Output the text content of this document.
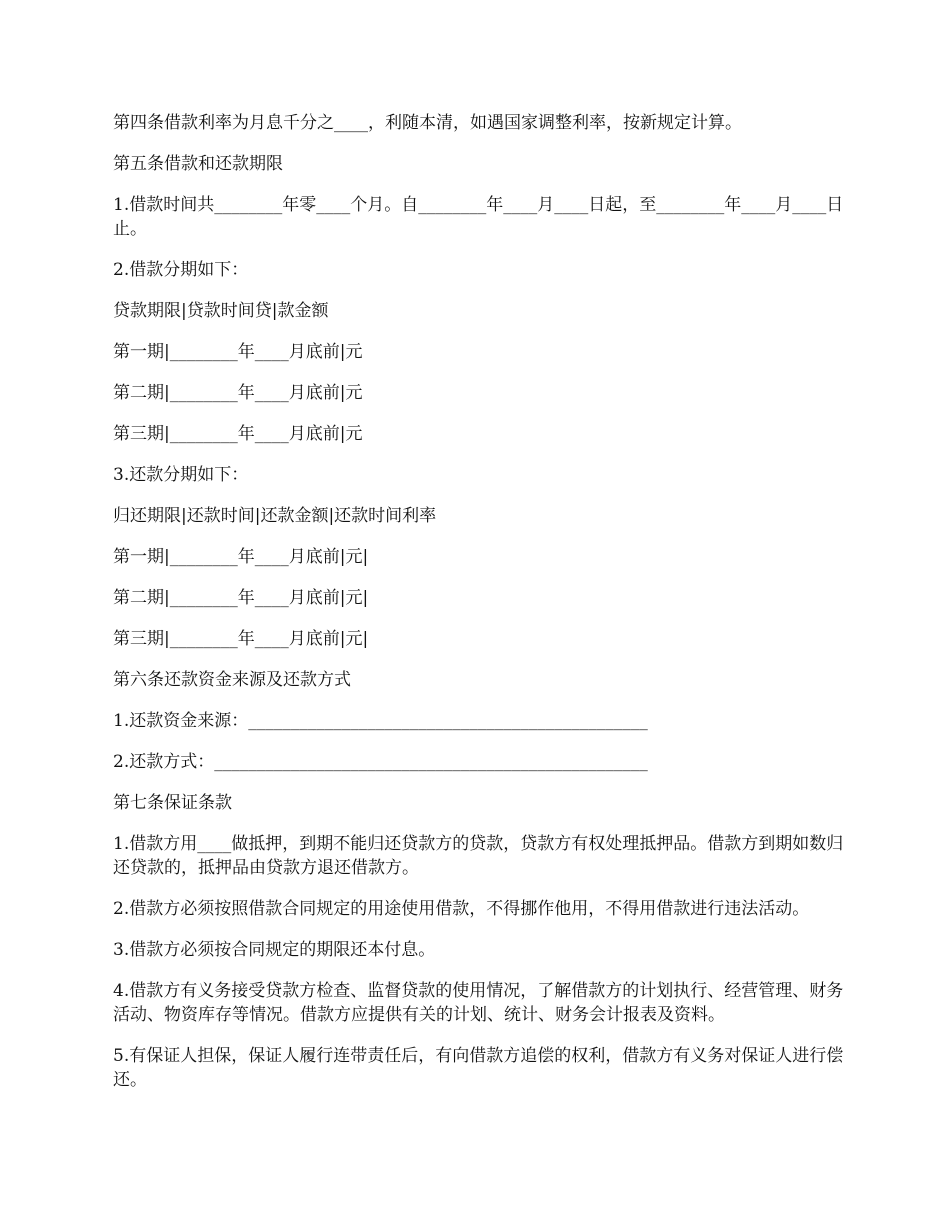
第四条借款利率为月息千分之____，利随本清，如遇国家调整利率，按新规定计算。

第五条借款和还款期限

1.借款时间共________年零____个月。自________年____月____日起，至________年____月____日止。

2.借款分期如下：

贷款期限|贷款时间贷|款金额

第一期|________年____月底前|元

第二期|________年____月底前|元

第三期|________年____月底前|元

3.还款分期如下：

归还期限|还款时间|还款金额|还款时间利率

第一期|________年____月底前|元|

第二期|________年____月底前|元|

第三期|________年____月底前|元|

第六条还款资金来源及还款方式

1.还款资金来源：_______________________________________________

2.还款方式：___________________________________________________

第七条保证条款

1.借款方用____做抵押，到期不能归还贷款方的贷款，贷款方有权处理抵押品。借款方到期如数归还贷款的，抵押品由贷款方退还借款方。

2.借款方必须按照借款合同规定的用途使用借款，不得挪作他用，不得用借款进行违法活动。

3.借款方必须按合同规定的期限还本付息。

4.借款方有义务接受贷款方检查、监督贷款的使用情况，了解借款方的计划执行、经营管理、财务活动、物资库存等情况。借款方应提供有关的计划、统计、财务会计报表及资料。

5.有保证人担保，保证人履行连带责任后，有向借款方追偿的权利，借款方有义务对保证人进行偿还。
